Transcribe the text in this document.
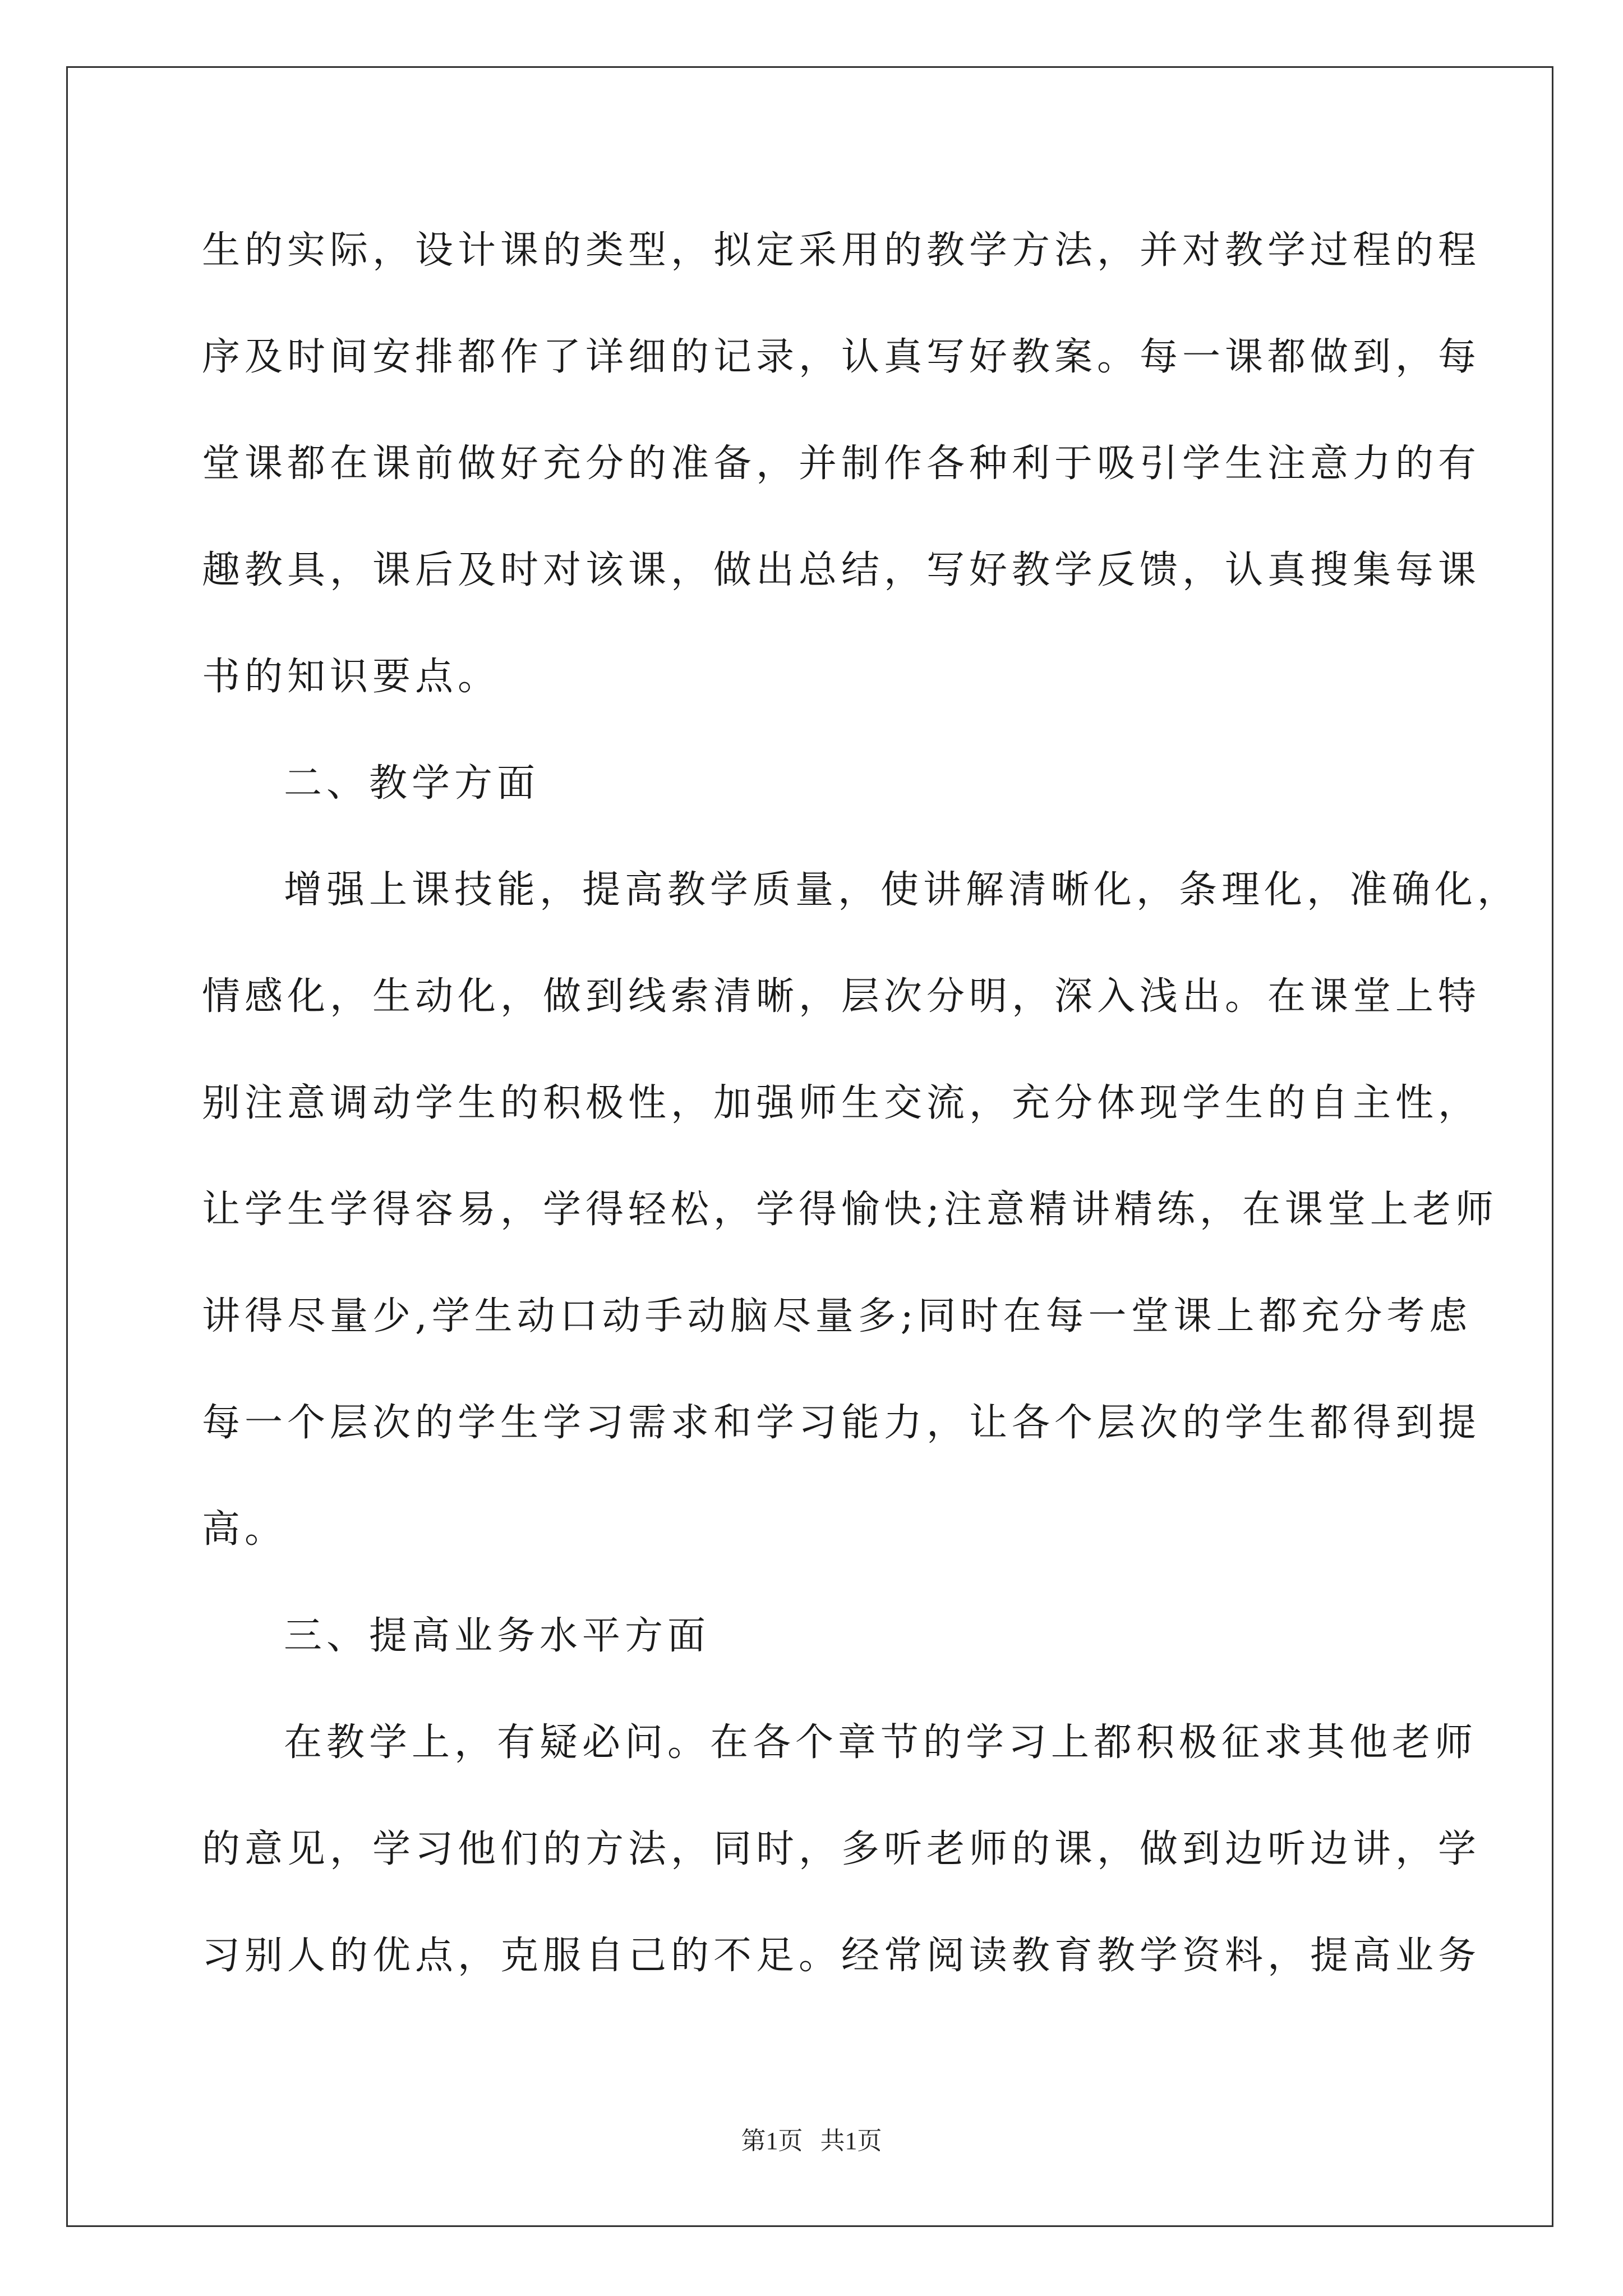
生的实际，设计课的类型，拟定采用的教学方法，并对教学过程的程
序及时间安排都作了详细的记录，认真写好教案。每一课都做到，每
堂课都在课前做好充分的准备，并制作各种利于吸引学生注意力的有
趣教具，课后及时对该课，做出总结，写好教学反馈，认真搜集每课
书的知识要点。
二、教学方面
增强上课技能，提高教学质量，使讲解清晰化，条理化，准确化，
情感化，生动化，做到线索清晰，层次分明，深入浅出。在课堂上特
别注意调动学生的积极性，加强师生交流，充分体现学生的自主性，
让学生学得容易，学得轻松，学得愉快;注意精讲精练，在课堂上老师
讲得尽量少,学生动口动手动脑尽量多;同时在每一堂课上都充分考虑
每一个层次的学生学习需求和学习能力，让各个层次的学生都得到提
高。
三、提高业务水平方面
在教学上，有疑必问。在各个章节的学习上都积极征求其他老师
的意见，学习他们的方法，同时，多听老师的课，做到边听边讲，学
习别人的优点，克服自己的不足。经常阅读教育教学资料，提高业务
第1页 共1页
